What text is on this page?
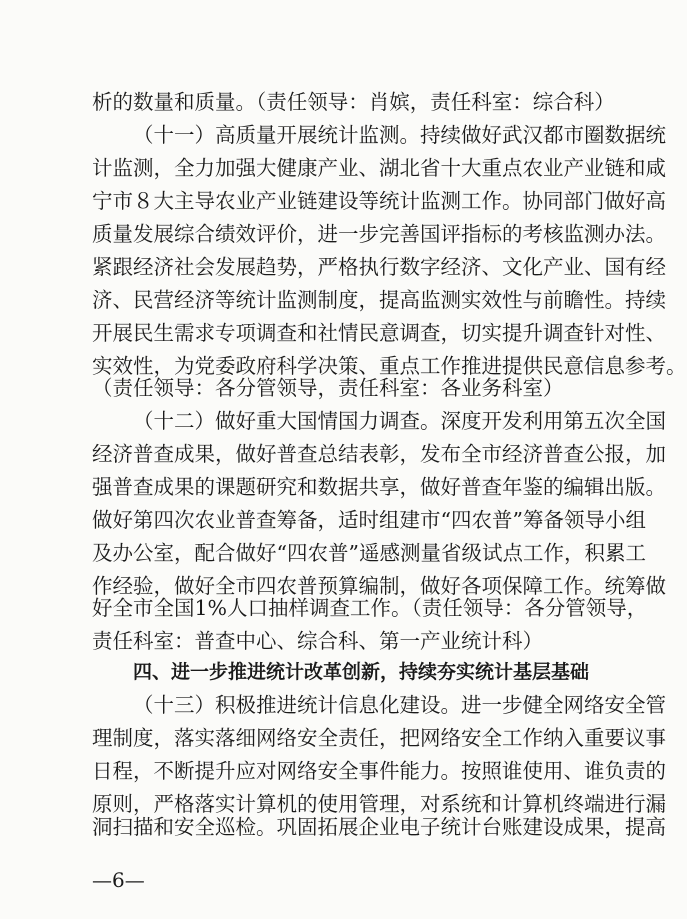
析的数量和质量。（责任领导：肖嫔，责任科室：综合科）
（十一）高质量开展统计监测。持续做好武汉都市圈数据统
计监测，全力加强大健康产业、湖北省十大重点农业产业链和咸
宁市８大主导农业产业链建设等统计监测工作。协同部门做好高
质量发展综合绩效评价，进一步完善国评指标的考核监测办法。
紧跟经济社会发展趋势，严格执行数字经济、文化产业、国有经
济、民营经济等统计监测制度，提高监测实效性与前瞻性。持续
开展民生需求专项调查和社情民意调查，切实提升调查针对性、
实效性，为党委政府科学决策、重点工作推进提供民意信息参考。
（责任领导：各分管领导，责任科室：各业务科室）
（十二）做好重大国情国力调查。深度开发利用第五次全国
经济普查成果，做好普查总结表彰，发布全市经济普查公报，加
强普查成果的课题研究和数据共享，做好普查年鉴的编辑出版。
做好第四次农业普查筹备，适时组建市“四农普”筹备领导小组
及办公室，配合做好“四农普”遥感测量省级试点工作，积累工
作经验，做好全市四农普预算编制，做好各项保障工作。统筹做
好全市全国1%人口抽样调查工作。（责任领导：各分管领导，
责任科室：普查中心、综合科、第一产业统计科）
四、进一步推进统计改革创新，持续夯实统计基层基础
（十三）积极推进统计信息化建设。进一步健全网络安全管
理制度，落实落细网络安全责任，把网络安全工作纳入重要议事
日程，不断提升应对网络安全事件能力。按照谁使用、谁负责的
原则，严格落实计算机的使用管理，对系统和计算机终端进行漏
洞扫描和安全巡检。巩固拓展企业电子统计台账建设成果，提高
—6—
